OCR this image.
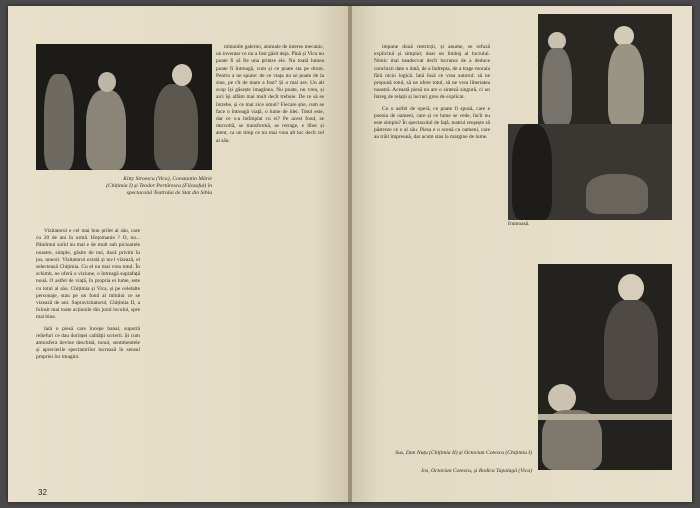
Kitty Stroescu (Vica), Constantin Mărie (Chițimia I) și Teodor Portărescu (Filozoful) în spectacolul Teatrului de Stat din Sibiu

Vizitatorul e cel mai bun prilet al său, care cu 20 de ani în urmă. Hoțomanie ? O, nu... Pămîntul solid nu mai e de mult sub picioarele noastre, simple, găsite de noi, dacă privim în jos, uneori. Vizitatorul există și nu-l vizează, el selectează Chițimia. Cu el nu mai vrea totul. În schimb, ne oferă o viziune, o întreagă suprafață nouă. O astfel de viață, în propria ei lume, este cu totul al său. Chițimia și Vica, și pe celelalte personaje, stau pe un fond al mitului ce se vizează de ani. Supravizitatorul, Chițimia II, a folosit mai toate acțiunile din jurul locului, spre mai bine.

Iată o piesă care începe banal, suportă reliefuri ce dau dorinței calității scrierii. Și cum atmosfera devine deschisă, tonul, sentimentele și aprecierile spectatorilor lucrează în sensul propriei lor imagini.

minunile galeriei, animale de interes mecanic, un inventar ce nu a fost găsit deja. Pînă și Vica nu poate fi să fie una printre ele. Nu toată lumea poate fi întreagă, cum și ce poate sta pe drum. Pentru a ne spune: de ce viața nu se poate de la sine, pe cît de mare a fost? Și o mai are. Un alt scop își găsește imaginea. Nu poate, nu vrea, și aici își aflăm mai mult decît trebuie. De ce să se întrebe, și ce mai zice omul? Fiecare știe, cum se face o întreagă viață, o lume de idei. Totul este, dar ce s-a întîmplat cu ei? Pe acest fond, se dezvoltă, se transformă, se retrage, e liber și atent, ca un timp ce nu mai vrea alt loc decît cel al său.

32

impune două restricții, și anume, se refuză explicitul și simplul; doar un limbaj al lucrului. Nimic mai neadecvat decît lucrarea de a deduce concluzii date o dată, de a îndrepta, de a trage morala fără nicio logică. Iată însă ce vrea autorul: să ne propună totul, să ne ofere totul, să ne vrea libertatea noastră. Această piesă nu are o sinteză singură, ci un întreg de relații și lucruri greu de explicat.

Cu o astfel de operă, ce poate fi spusă, care e poezia de oameni, care și ce lume se vede, încît nu este simplu? În spectacolul de față, teatrul reușește să păstreze ce e al său. Piesa e o scenă cu oameni, care au trăit împreună, dar acum stau la margine de lume.

frumoasă.

Sus, Dan Nuțu (Chițimia II) și Octavian Cotescu (Chițimia I)
Jos, Octavian Cotescu, și Rodica Tapalagă (Vica)
